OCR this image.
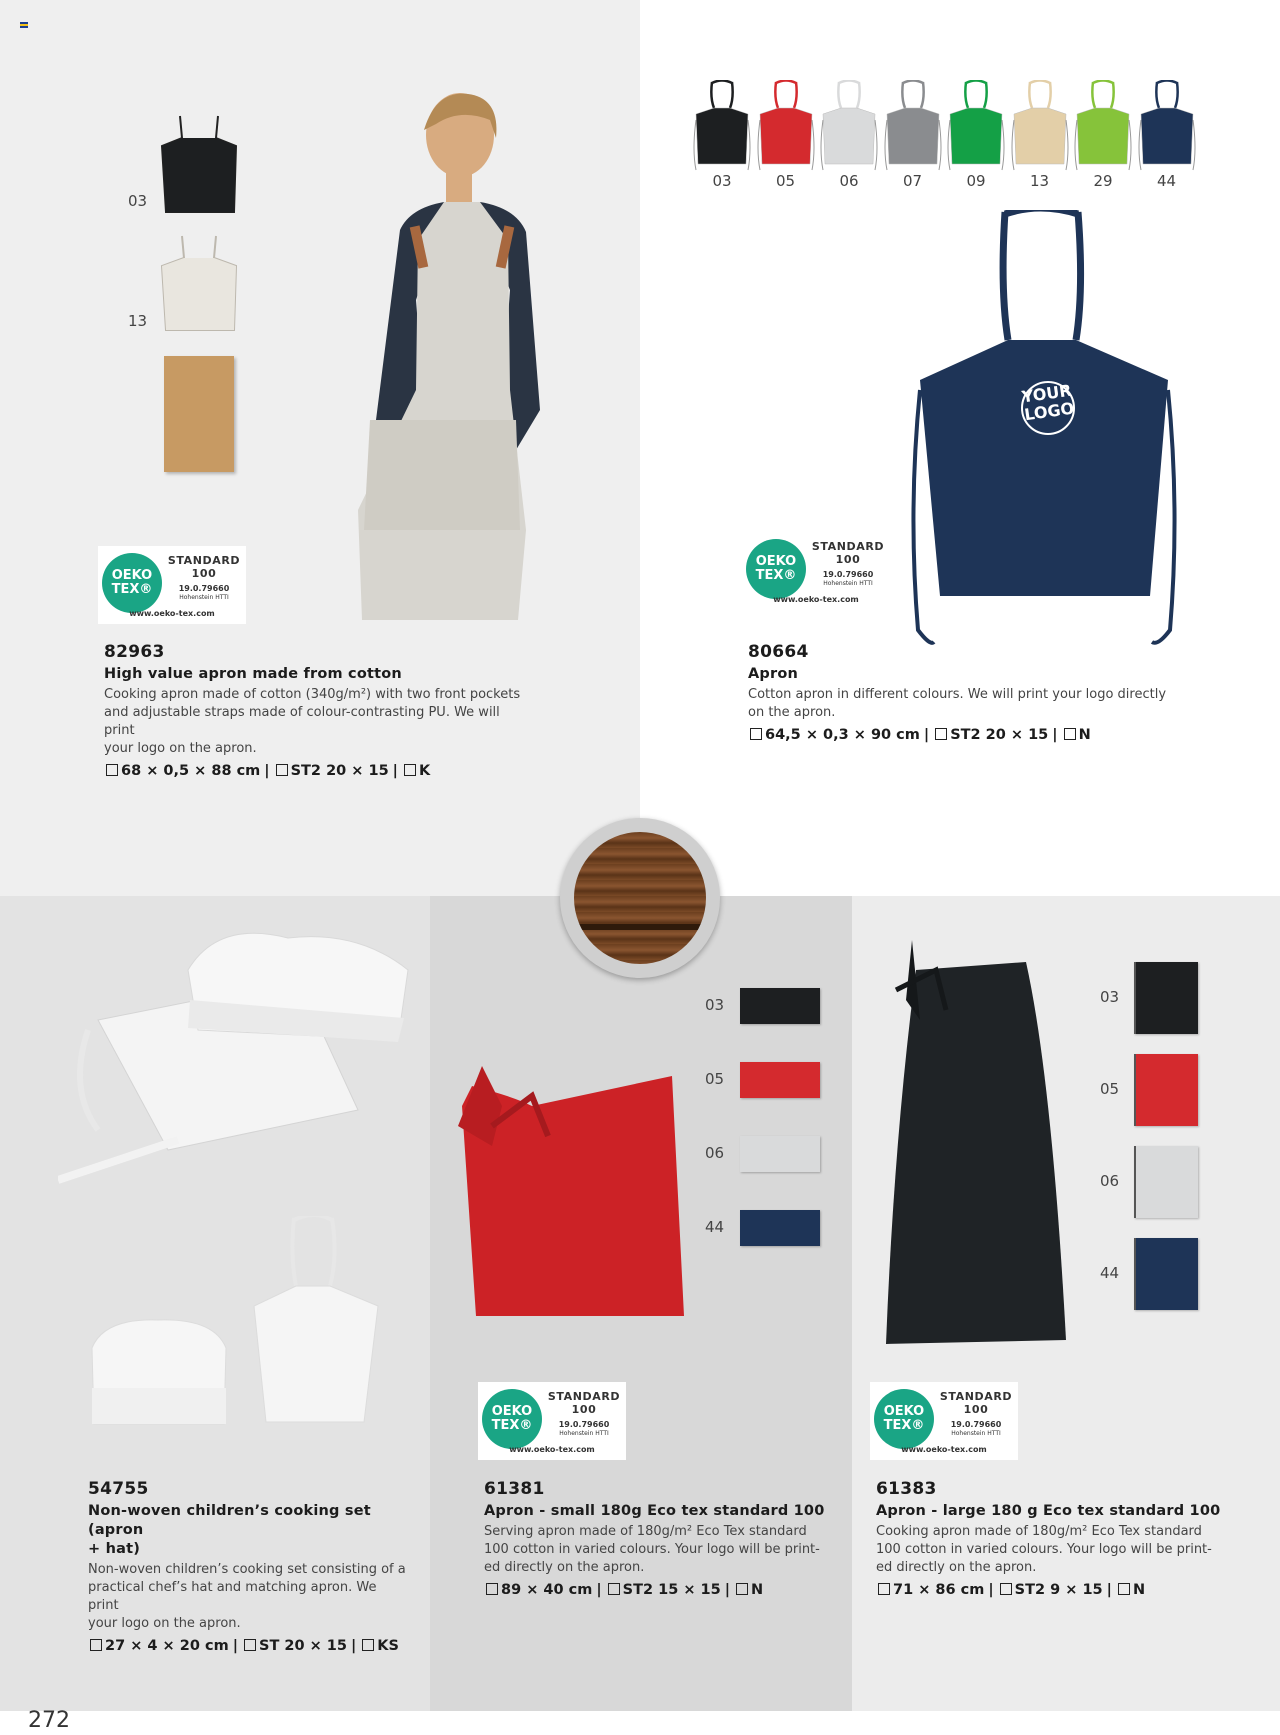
03
13
OEKO
TEX®
STANDARD
100
19.0.79660
Hohenstein HTTI
www.oeko-tex.com
82963
High value apron made from cotton
Cooking apron made of cotton (340g/m²) with two front pockets
and adjustable straps made of colour-contrasting PU. We will print
your logo on the apron.
68 × 0,5 × 88 cm | ST2 20 × 15 | K
03	05	06	07	09	13	29	44
YOUR
LOGO
OEKO
TEX®
STANDARD
100
19.0.79660
Hohenstein HTTI
www.oeko-tex.com
80664
Apron
Cotton apron in different colours. We will print your logo directly
on the apron.
64,5 × 0,3 × 90 cm | ST2 20 × 15 | N
54755
Non-woven children’s cooking set (apron
+ hat)
Non-woven children’s cooking set consisting of a
practical chef’s hat and matching apron. We print
your logo on the apron.
27 × 4 × 20 cm | ST 20 × 15 | KS
03
05
06
44
OEKO
TEX®
STANDARD
100
19.0.79660
Hohenstein HTTI
www.oeko-tex.com
61381
Apron - small 180g Eco tex standard 100
Serving apron made of 180g/m² Eco Tex standard
100 cotton in varied colours. Your logo will be print-
ed directly on the apron.
89 × 40 cm | ST2 15 × 15 | N
03
05
06
44
OEKO
TEX®
STANDARD
100
19.0.79660
Hohenstein HTTI
www.oeko-tex.com
61383
Apron - large 180 g Eco tex standard 100
Cooking apron made of 180g/m² Eco Tex standard
100 cotton in varied colours. Your logo will be print-
ed directly on the apron.
71 × 86 cm | ST2 9 × 15 | N
272
